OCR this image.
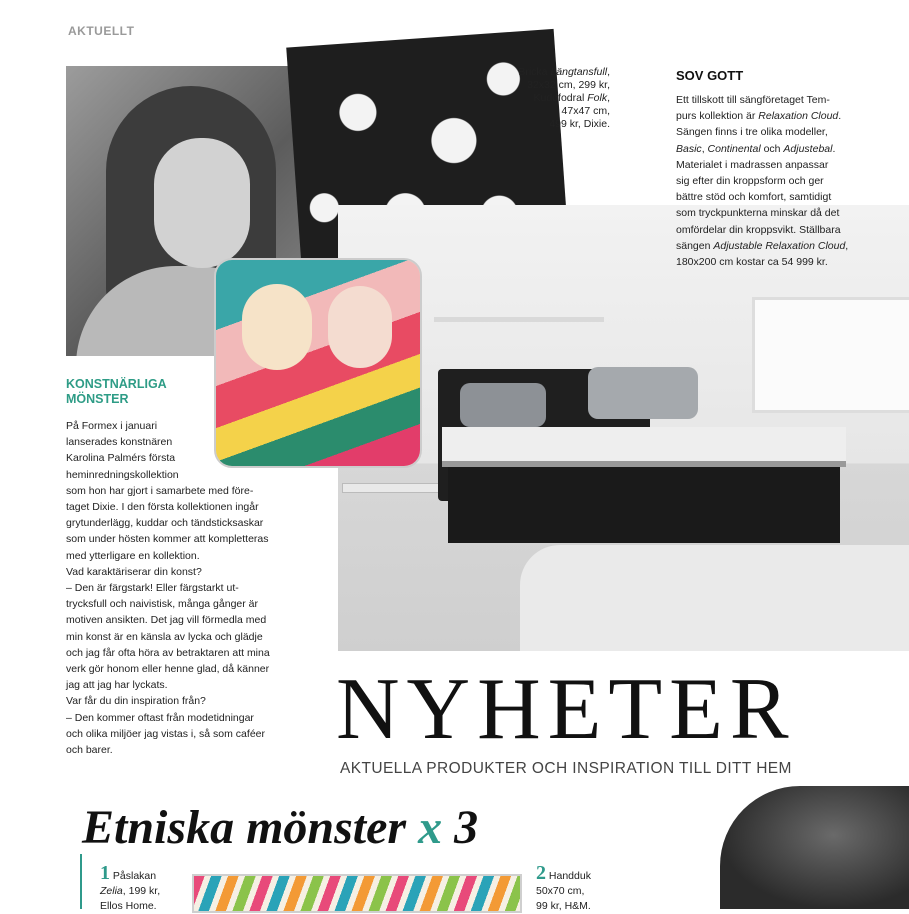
AKTUELLT
Bricka Längtansfull,
32x32 cm, 299 kr,
Kuddfodral Folk,
47x47 cm,
499 kr, Dixie.
SOV GOTT
Ett tillskott till sängföretaget Tem-
purs kollektion är Relaxation Cloud.
Sängen finns i tre olika modeller,
Basic, Continental och Adjustebal.
Materialet i madrassen anpassar
sig efter din kroppsform och ger
bättre stöd och komfort, samtidigt
som tryckpunkterna minskar då det
omfördelar din kroppsvikt. Ställbara
sängen Adjustable Relaxation Cloud,
180x200 cm kostar ca 54 999 kr.
KONSTNÄRLIGA
MÖNSTER
På Formex i januari
lanserades konstnären
Karolina Palmérs första
heminredningskollektion
som hon har gjort i samarbete med före-
taget Dixie. I den första kollektionen ingår
grytunderlägg, kuddar och tändsticksaskar
som under hösten kommer att kompletteras
med ytterligare en kollektion.
Vad karaktäriserar din konst?
– Den är färgstark! Eller färgstarkt ut-
trycksfull och naivistisk, många gånger är
motiven ansikten. Det jag vill förmedla med
min konst är en känsla av lycka och glädje
och jag får ofta höra av betraktaren att mina
verk gör honom eller henne glad, då känner
jag att jag har lyckats.
Var får du din inspiration från?
– Den kommer oftast från modetidningar
och olika miljöer jag vistas i, så som caféer
och barer.	NYHETER
AKTUELLA PRODUKTER OCH INSPIRATION TILL DITT HEM
Etniska mönster x 3
1 Påslakan
Zelia, 199 kr,
Ellos Home.
2 Handduk
50x70 cm,
99 kr, H&M.
